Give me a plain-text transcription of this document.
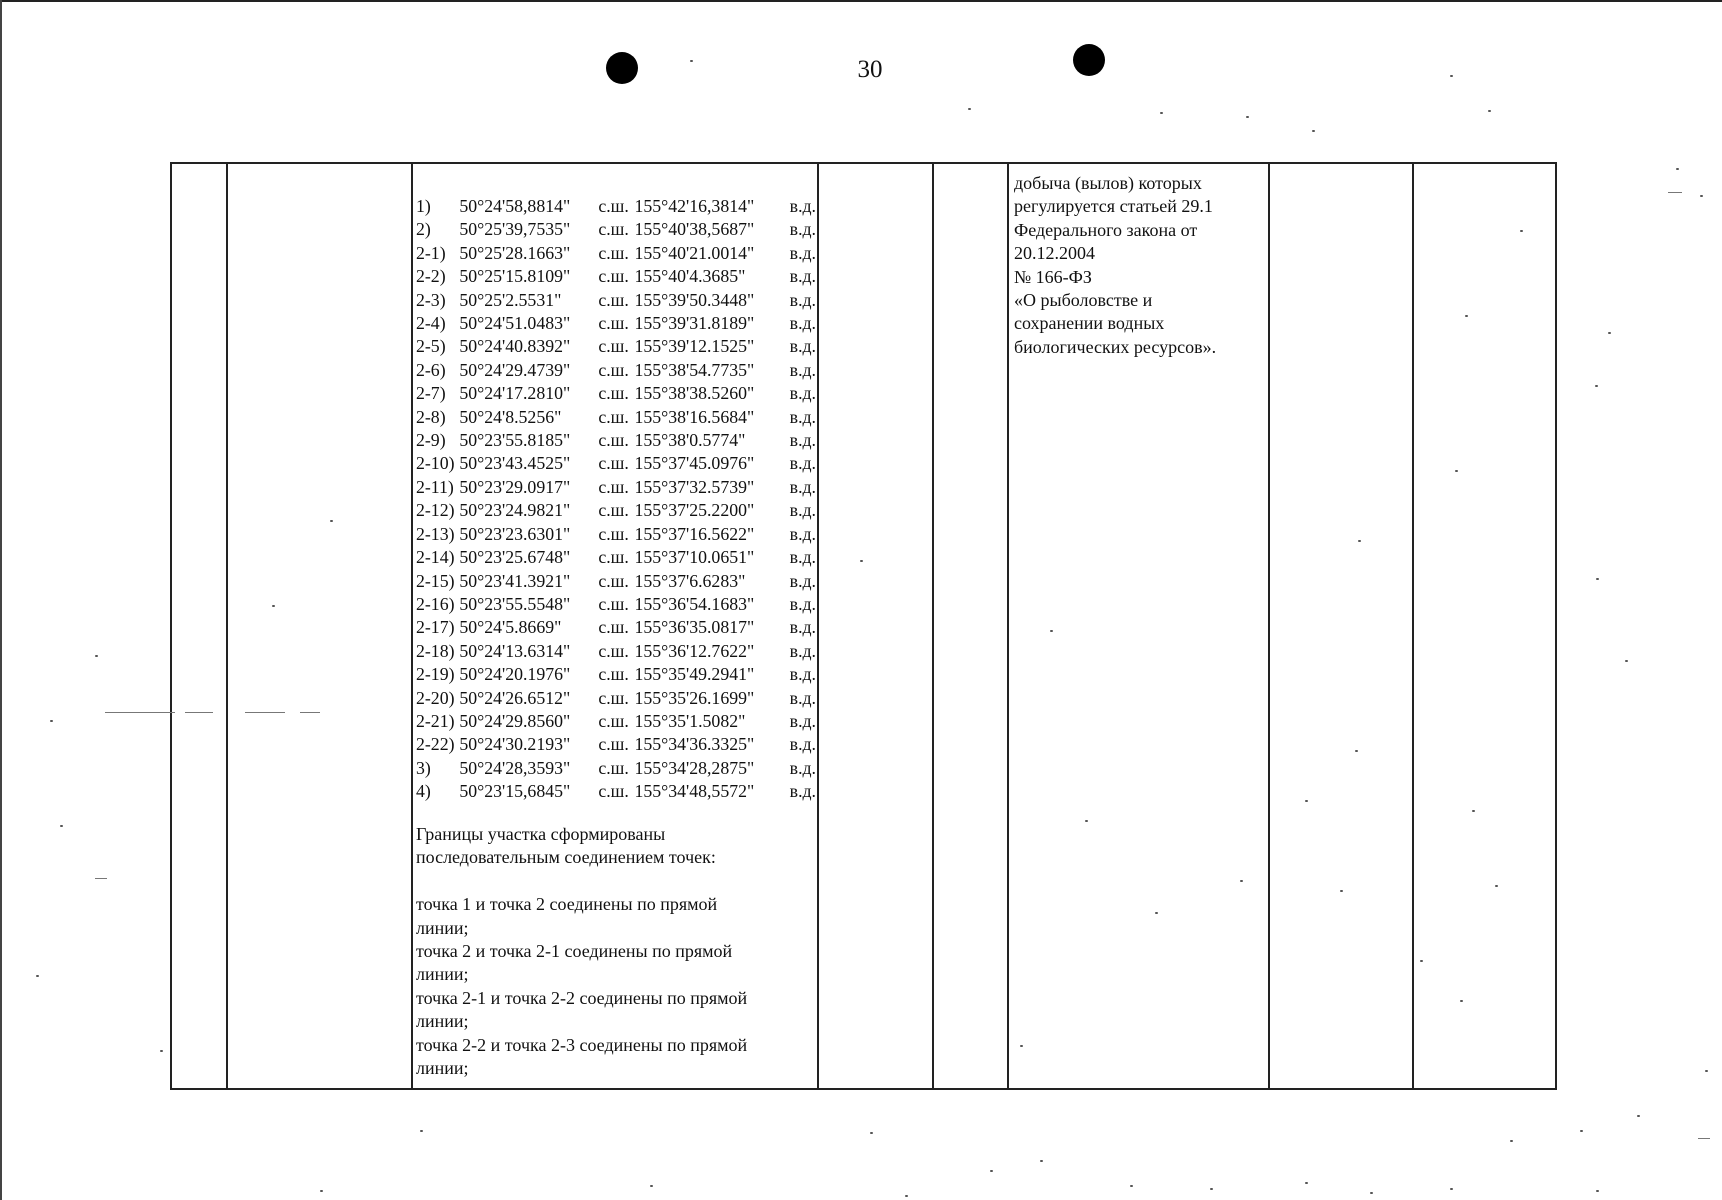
30
1)	50°24'58,8814"	с.ш. 155°42'16,3814"	в.д.
2)	50°25'39,7535"	с.ш. 155°40'38,5687"	в.д.
2-1) 50°25'28.1663"	с.ш. 155°40'21.0014"	в.д.
2-2) 50°25'15.8109"	с.ш. 155°40'4.3685"	в.д.
2-3) 50°25'2.5531"	с.ш. 155°39'50.3448"	в.д.
2-4) 50°24'51.0483"	с.ш. 155°39'31.8189"	в.д.
2-5) 50°24'40.8392"	с.ш. 155°39'12.1525"	в.д.
2-6) 50°24'29.4739"	с.ш. 155°38'54.7735"	в.д.
2-7) 50°24'17.2810"	с.ш. 155°38'38.5260"	в.д.
2-8) 50°24'8.5256"	с.ш. 155°38'16.5684"	в.д.
2-9) 50°23'55.8185"	с.ш. 155°38'0.5774"	в.д.
2-10) 50°23'43.4525"	с.ш. 155°37'45.0976"	в.д.
2-11) 50°23'29.0917"	с.ш. 155°37'32.5739"	в.д.
2-12) 50°23'24.9821"	с.ш. 155°37'25.2200"	в.д.
2-13) 50°23'23.6301"	с.ш. 155°37'16.5622"	в.д.
2-14) 50°23'25.6748"	с.ш. 155°37'10.0651"	в.д.
2-15) 50°23'41.3921"	с.ш. 155°37'6.6283"	в.д.
2-16) 50°23'55.5548"	с.ш. 155°36'54.1683"	в.д.
2-17) 50°24'5.8669"	с.ш. 155°36'35.0817"	в.д.
2-18) 50°24'13.6314"	с.ш. 155°36'12.7622"	в.д.
2-19) 50°24'20.1976"	с.ш. 155°35'49.2941"	в.д.
2-20) 50°24'26.6512"	с.ш. 155°35'26.1699"	в.д.
2-21) 50°24'29.8560"	с.ш. 155°35'1.5082"	в.д.
2-22) 50°24'30.2193"	с.ш. 155°34'36.3325"	в.д.
3)	50°24'28,3593"	с.ш. 155°34'28,2875"	в.д.
4)	50°23'15,6845"	с.ш. 155°34'48,5572"	в.д.

Границы участка сформированы

последовательным соединением точек:

точка 1 и точка 2 соединены по прямой

линии;

точка 2 и точка 2-1 соединены по прямой

линии;

точка 2-1 и точка 2-2 соединены по прямой

линии;

точка 2-2 и точка 2-3 соединены по прямой

линии;

добыча (вылов) которых
регулируется статьей 29.1
Федерального закона от
20.12.2004
№ 166-ФЗ
«О рыболовстве и
сохранении водных
биологических ресурсов».
